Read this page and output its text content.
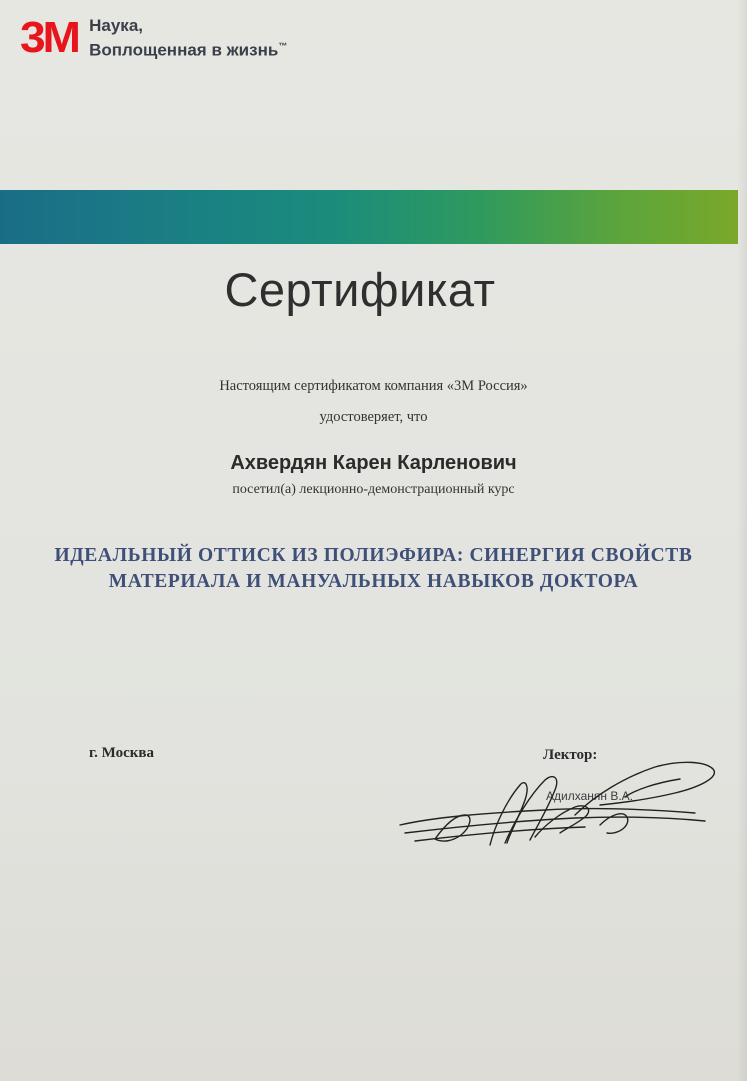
3M Наука,
Воплощенная в жизнь™
Сертификат
Настоящим сертификатом компания «3М Россия»
удостоверяет, что
Ахвердян Карен Карленович
посетил(а) лекционно-демонстрационный курс
ИДЕАЛЬНЫЙ ОТТИСК ИЗ ПОЛИЭФИРА: СИНЕРГИЯ СВОЙСТВ
МАТЕРИАЛА И МАНУАЛЬНЫХ НАВЫКОВ ДОКТОРА
г. Москва	Лектор:
Адилханян В.А.
